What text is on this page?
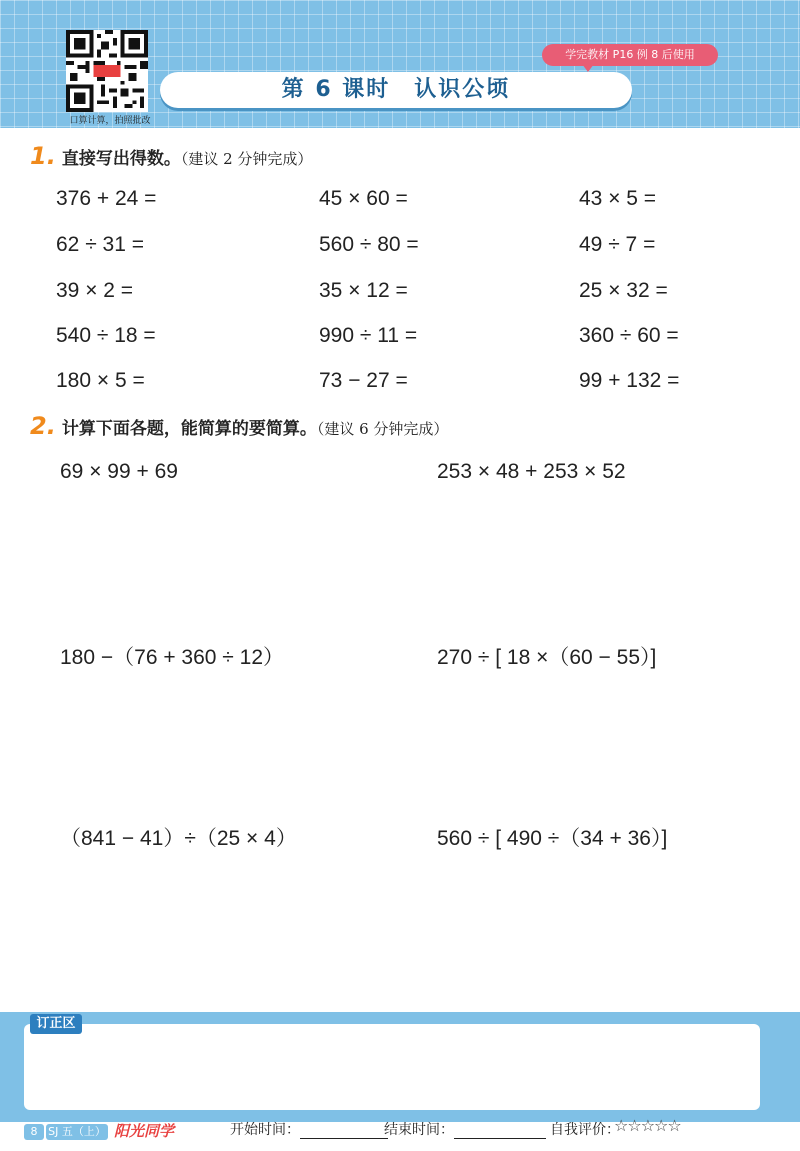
口算计算，拍照批改
学完教材 P16 例 8 后使用
第 6 课时　认识公顷
1. 直接写出得数。（建议 2 分钟完成）
376 + 24 =	45 × 60 =	43 × 5 =
62 ÷ 31 =	560 ÷ 80 =	49 ÷ 7 =
39 × 2 =	35 × 12 =	25 × 32 =
540 ÷ 18 =	990 ÷ 11 =	360 ÷ 60 =
180 × 5 =	73 − 27 =	99 + 132 =
2. 计算下面各题，能简算的要简算。（建议 6 分钟完成）
69 × 99 + 69	253 × 48 + 253 × 52
180 −（76 + 360 ÷ 12）	270 ÷ [ 18 ×（60 − 55）]
（841 − 41）÷（25 × 4）	560 ÷ [ 490 ÷（34 + 36）]
订正区
8 SJ 五（上） 阳光同学	开始时间：	结束时间：	自我评价：
☆☆☆☆☆
